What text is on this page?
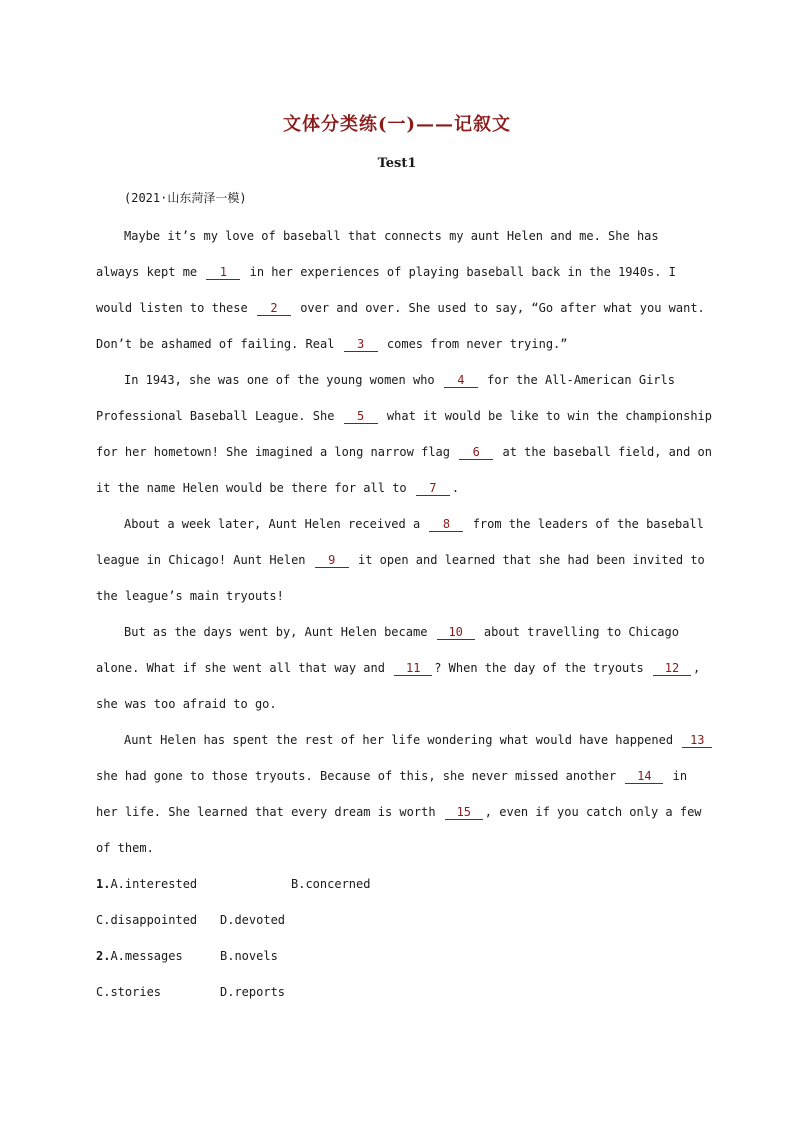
文体分类练(一)——记叙文
Test1
(2021·山东菏泽一模)
Maybe it’s my love of baseball that connects my aunt Helen and me. She has
always kept me 1 in her experiences of playing baseball back in the 1940s. I
would listen to these 2 over and over. She used to say, “Go after what you want.
Don’t be ashamed of failing. Real 3 comes from never trying.”
In 1943, she was one of the young women who 4 for the All-American Girls
Professional Baseball League. She 5 what it would be like to win the championship
for her hometown! She imagined a long narrow flag 6 at the baseball field, and on
it the name Helen would be there for all to 7 .
About a week later, Aunt Helen received a 8 from the leaders of the baseball
league in Chicago! Aunt Helen 9 it open and learned that she had been invited to
the league’s main tryouts!
But as the days went by, Aunt Helen became 10 about travelling to Chicago
alone. What if she went all that way and 11 ? When the day of the tryouts 12 ,
she was too afraid to go.
Aunt Helen has spent the rest of her life wondering what would have happened 13
she had gone to those tryouts. Because of this, she never missed another 14 in
her life. She learned that every dream is worth 15 , even if you catch only a few
of them.
1.A.interested	B.concerned
C.disappointed D.devoted
2.A.messages	B.novels
C.stories	D.reports
